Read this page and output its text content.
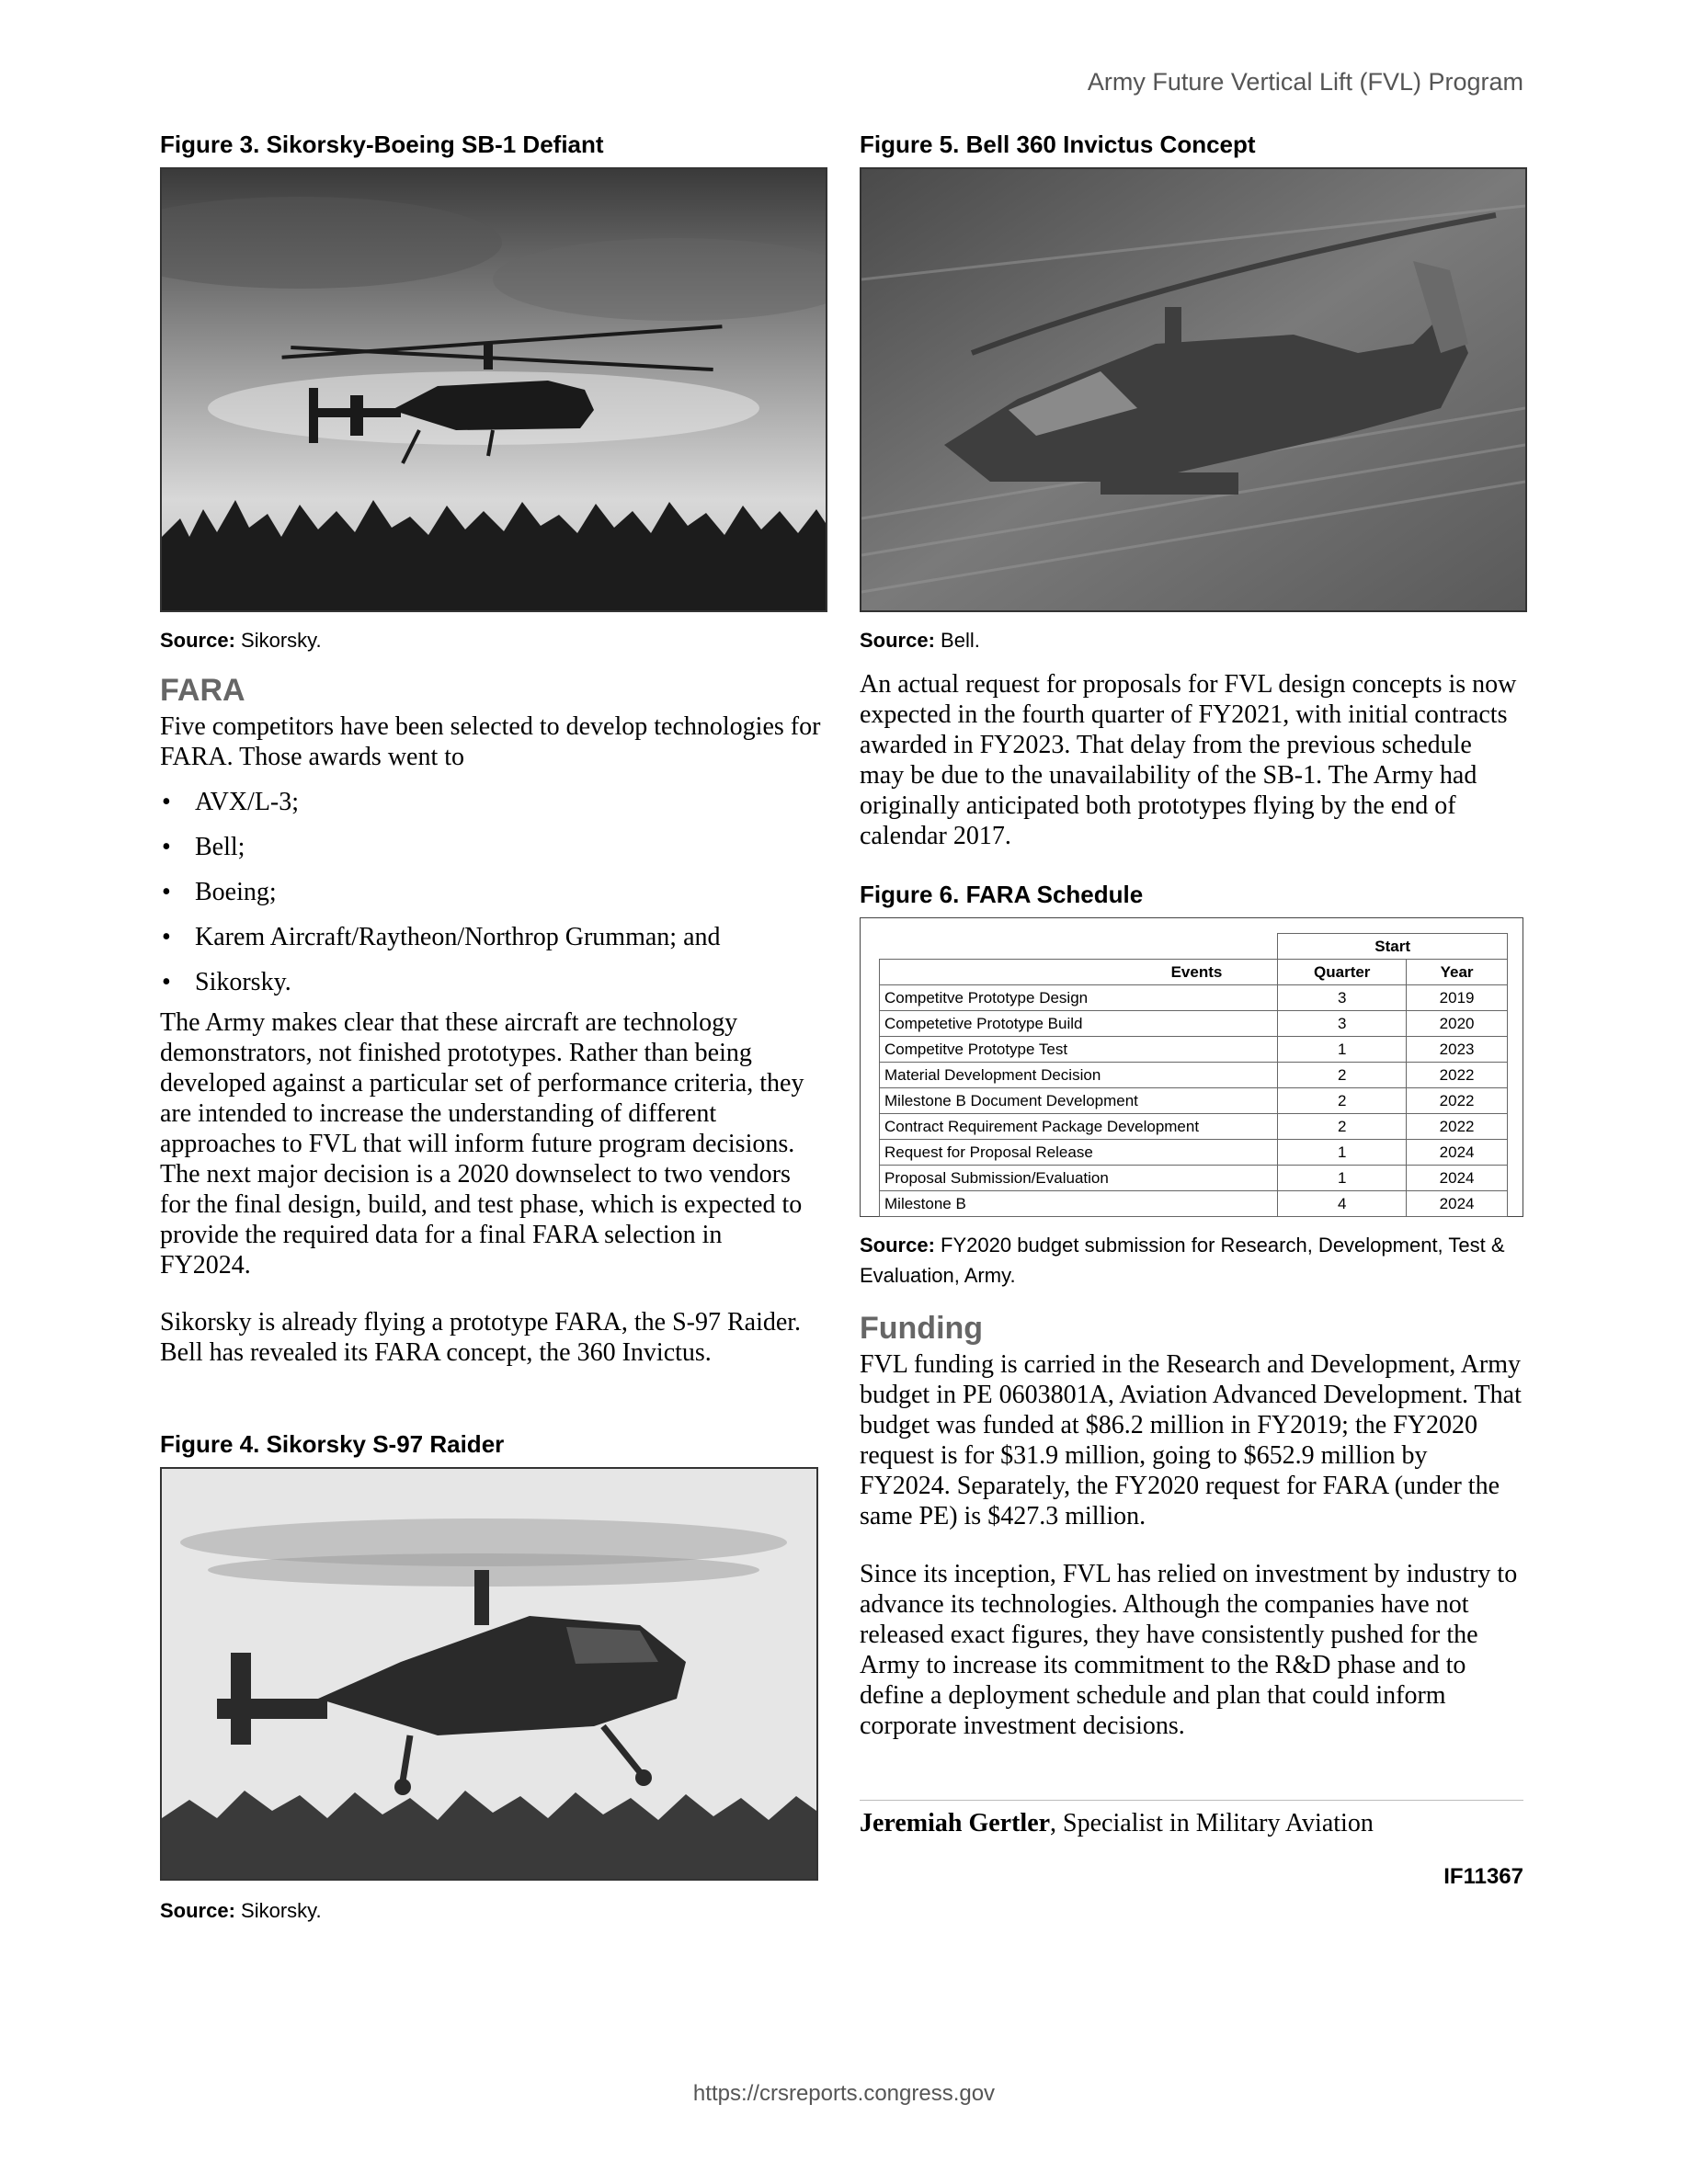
Army Future Vertical Lift (FVL) Program
Figure 3. Sikorsky-Boeing SB-1 Defiant
Source: Sikorsky.
FARA
Five competitors have been selected to develop technologies for FARA. Those awards went to
• AVX/L-3;
• Bell;
• Boeing;
• Karem Aircraft/Raytheon/Northrop Grumman; and
• Sikorsky.
The Army makes clear that these aircraft are technology demonstrators, not finished prototypes. Rather than being developed against a particular set of performance criteria, they are intended to increase the understanding of different approaches to FVL that will inform future program decisions. The next major decision is a 2020 downselect to two vendors for the final design, build, and test phase, which is expected to provide the required data for a final FARA selection in FY2024.
Sikorsky is already flying a prototype FARA, the S-97 Raider. Bell has revealed its FARA concept, the 360 Invictus.
Figure 4. Sikorsky S-97 Raider
Source: Sikorsky.
Figure 5. Bell 360 Invictus Concept
Source: Bell.
An actual request for proposals for FVL design concepts is now expected in the fourth quarter of FY2021, with initial contracts awarded in FY2023. That delay from the previous schedule may be due to the unavailability of the SB-1. The Army had originally anticipated both prototypes flying by the end of calendar 2017.
Figure 6. FARA Schedule
	Start	
Events	Quarter	Year
Competitve Prototype Design	3	2019
Competetive Prototype Build	3	2020
Competitve Prototype Test	1	2023
Material Development Decision	2	2022
Milestone B Document Development	2	2022
Contract Requirement Package Development	2	2022
Request for Proposal Release	1	2024
Proposal Submission/Evaluation	1	2024
Milestone B	4	2024
Source: FY2020 budget submission for Research, Development, Test & Evaluation, Army.
Funding
FVL funding is carried in the Research and Development, Army budget in PE 0603801A, Aviation Advanced Development. That budget was funded at $86.2 million in FY2019; the FY2020 request is for $31.9 million, going to $652.9 million by FY2024. Separately, the FY2020 request for FARA (under the same PE) is $427.3 million.
Since its inception, FVL has relied on investment by industry to advance its technologies. Although the companies have not released exact figures, they have consistently pushed for the Army to increase its commitment to the R&D phase and to define a deployment schedule and plan that could inform corporate investment decisions.
Jeremiah Gertler, Specialist in Military Aviation
IF11367
https://crsreports.congress.gov
